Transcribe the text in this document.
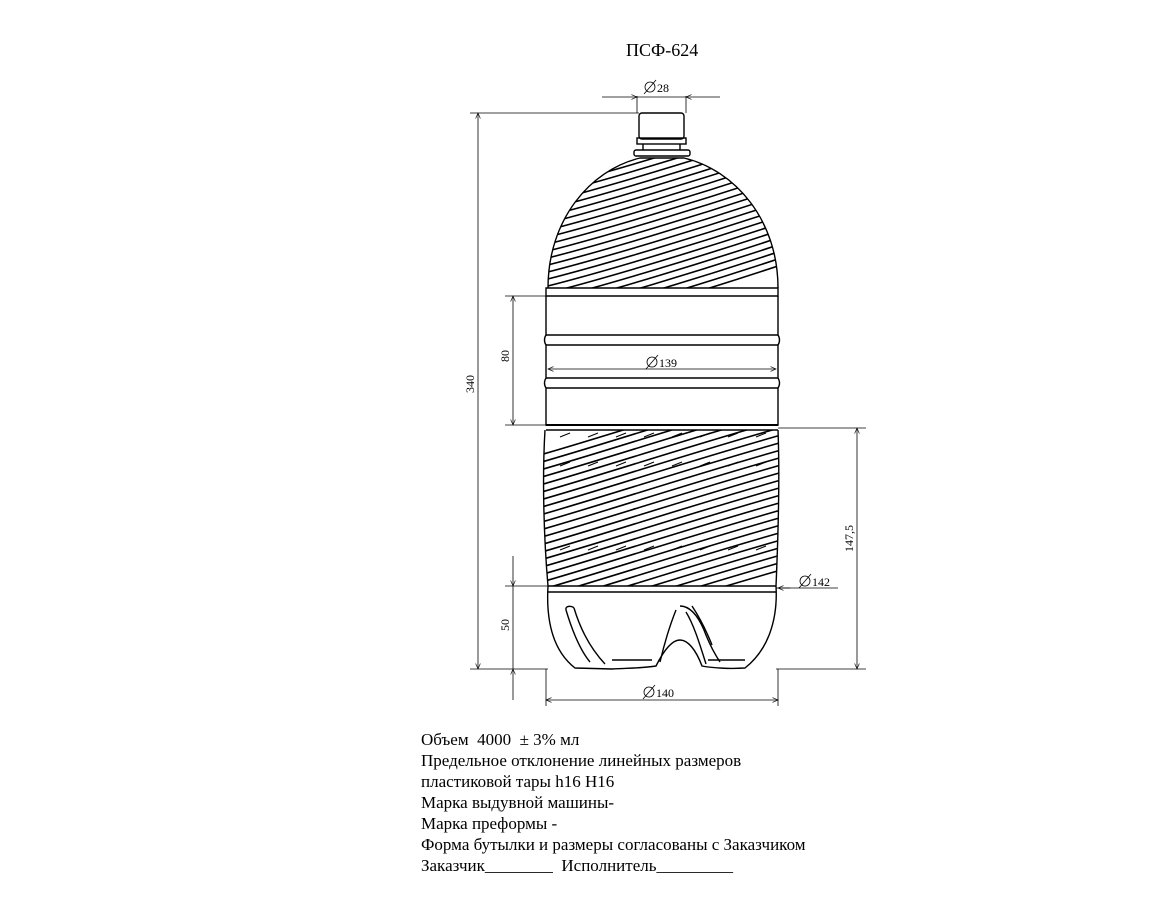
28
340
80	139
147,5
142
50
140
ПСФ-624
Объем  4000  ± 3% мл
Предельное отклонение линейных размеров
пластиковой тары h16 H16
Марка выдувной машины-
Марка преформы -
Форма бутылки и размеры согласованы с Заказчиком
Заказчик________  Исполнитель_________
